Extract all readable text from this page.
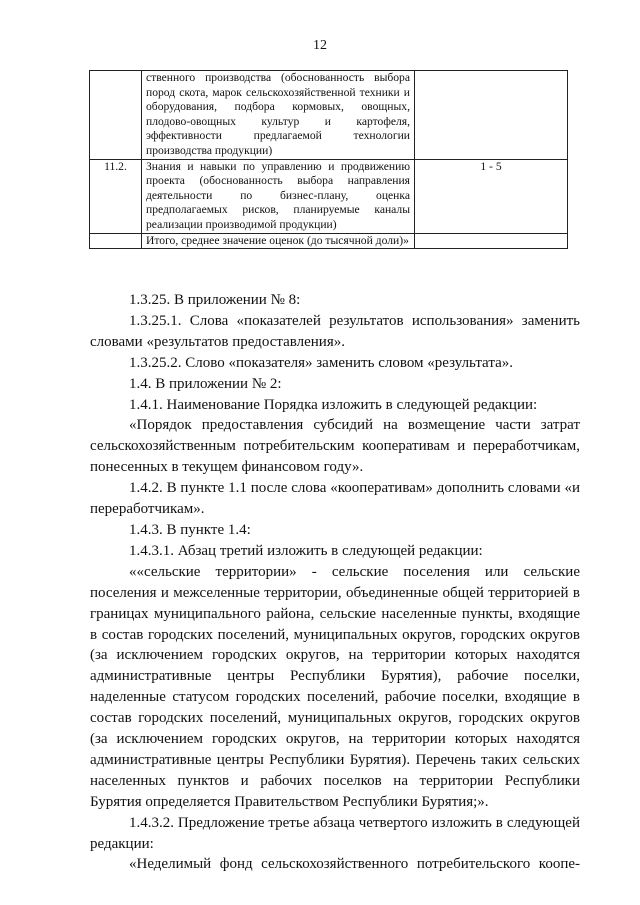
12
	ственного производства (обоснованность выбора пород скота, марок сельскохозяйственной техники и оборудования, подбора кормовых, овощных, плодово-овощных культур и картофеля, эффективности предлагаемой технологии производства продукции)	
11.2.	Знания и навыки по управлению и продвижению проекта (обоснованность выбора направления деятельности по бизнес-плану, оценка предполагаемых рисков, планируемые каналы реализации производимой продукции)	1 - 5
	Итого, среднее значение оценок (до тысячной доли)»	

1.3.25. В приложении № 8:

1.3.25.1. Слова «показателей результатов использования» заменить словами «результатов предоставления».

1.3.25.2. Слово «показателя» заменить словом «результата».

1.4. В приложении № 2:

1.4.1. Наименование Порядка изложить в следующей редакции:

«Порядок предоставления субсидий на возмещение части затрат сельскохозяйственным потребительским кооперативам и переработчикам, понесенных в текущем финансовом году».

1.4.2. В пункте 1.1 после слова «кооперативам» дополнить словами «и переработчикам».

1.4.3. В пункте 1.4:

1.4.3.1. Абзац третий изложить в следующей редакции:

««сельские территории» - сельские поселения или сельские поселения и межселенные территории, объединенные общей территорией в границах муниципального района, сельские населенные пункты, входящие в состав городских поселений, муниципальных округов, городских округов (за исключением городских округов, на территории которых находятся административные центры Республики Бурятия), рабочие поселки, наделенные статусом городских поселений, рабочие поселки, входящие в состав городских поселений, муниципальных округов, городских округов (за исключением городских округов, на территории которых находятся административные центры Республики Бурятия). Перечень таких сельских населенных пунктов и рабочих поселков на территории Республики Бурятия определяется Правительством Республики Бурятия;».

1.4.3.2. Предложение третье абзаца четвертого изложить в следующей редакции:

«Неделимый фонд сельскохозяйственного потребительского коопе-
